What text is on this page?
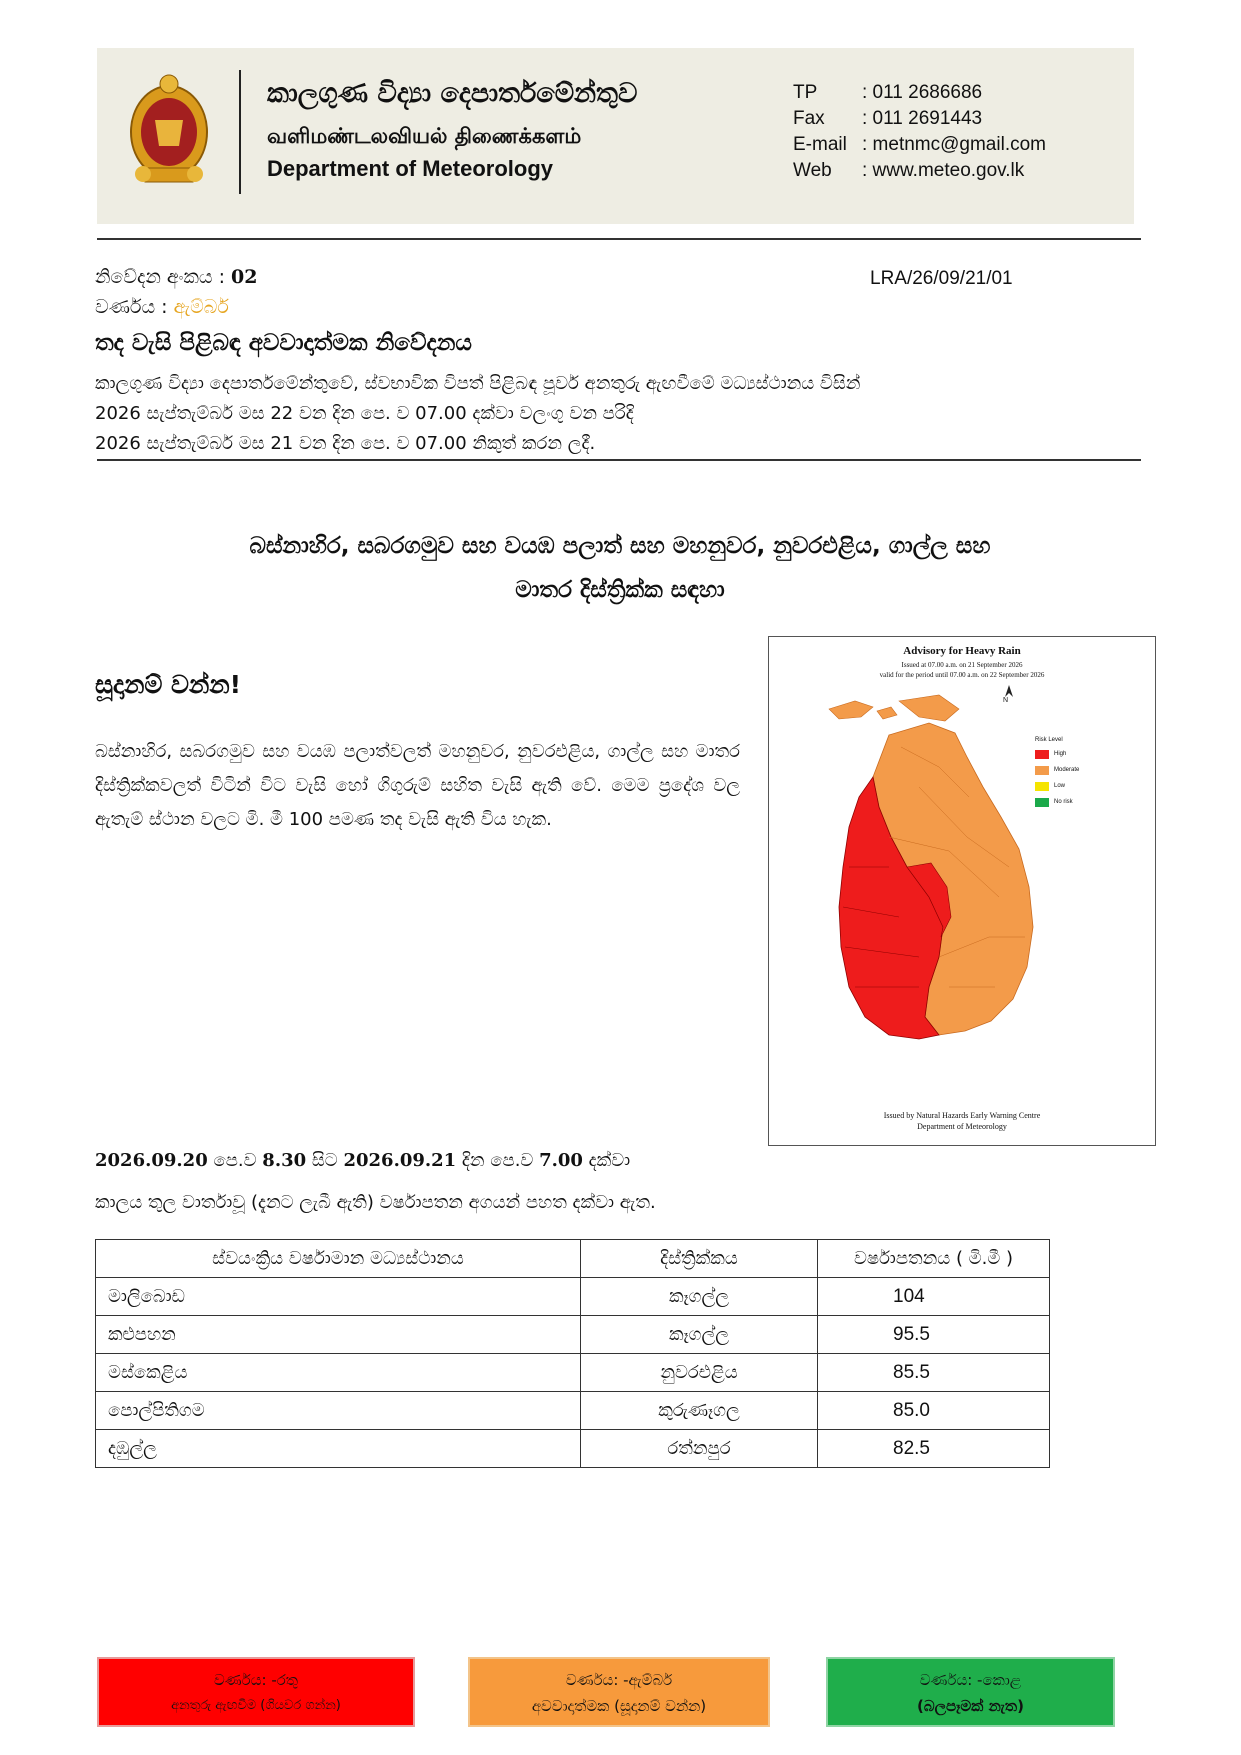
කාලගුණ විද්‍යා දෙපාර්තමේන්තුව
வளிமண்டலவியல் திணைக்களம்
Department of Meteorology
TP	: 011 2686686
Fax	: 011 2691443
E-mail : metnmc@gmail.com
Web	: www.meteo.gov.lk
නිවේදන අංකය : 02
වර්ණය : ඇම්බර්
LRA/26/09/21/01
තද වැසි පිළිබඳ අවවාදාත්මක නිවේදනය
කාලගුණ විද්‍යා දෙපාර්තමේන්තුවේ, ස්වභාවික විපත් පිළිබඳ පූර්ව අනතුරු ඇඟවීමේ මධ්‍යස්ථානය විසින්
2026 සැප්තැම්බර් මස 22 වන දින පෙ. ව 07.00 දක්වා වලංගු වන පරිදි
2026 සැප්තැම්බර් මස 21 වන දින පෙ. ව 07.00 නිකුත් කරන ලදී.
බස්නාහිර, සබරගමුව සහ වයඹ පලාත් සහ මහනුවර, නුවරඑළිය, ගාල්ල සහ
මාතර දිස්ත්‍රික්ක සඳහා
සූදානම් වන්න!
බස්නාහිර, සබරගමුව සහ වයඹ පලාත්වලත් මහනුවර, නුවරඑළිය, ගාල්ල සහ මාතර දිස්ත්‍රික්කවලත් විටින් විට වැසි හෝ ගිගුරුම් සහිත වැසි ඇති වේ. මෙම ප්‍රදේශ වල ඇතැම් ස්ථාන වලට මි. මී 100 පමණ තද වැසි ඇති විය හැක.
Advisory for Heavy Rain
Issued at 07.00 a.m. on 21 September 2026
valid for the period until 07.00 a.m. on 22 September 2026
Risk Level
High
Moderate
Low
No risk
N
Issued by Natural Hazards Early Warning Centre
Department of Meteorology
2026.09.20 පෙ.ව 8.30 සිට 2026.09.21 දින පෙ.ව 7.00 දක්වා
කාලය තුල වාර්තාවූ (දැනට ලැබී ඇති) වර්ෂාපතන අගයන් පහත දක්වා ඇත.
ස්වයංක්‍රිය වර්ෂාමාන මධ්‍යස්ථානය	දිස්ත්‍රික්කය	වර්ෂාපතනය ( මි.මී )
මාලිබොඩ	කෑගල්ල	104
කළුපහන	කෑගල්ල	95.5
මස්කෙළිය	නුවරඑළිය	85.5
පොල්පිතිගම	කුරුණෑගල	85.0
දඹුල්ල	රත්නපුර	82.5
වර්ණය: -රතු
අනතුරු ඇඟවීම (ගියවර ගන්න)
වර්ණය: -ඇම්බර්
අවවාදාත්මක (සූදානම් වන්න)
වර්ණය: -කොළ
(බලපෑමක් නැත)
